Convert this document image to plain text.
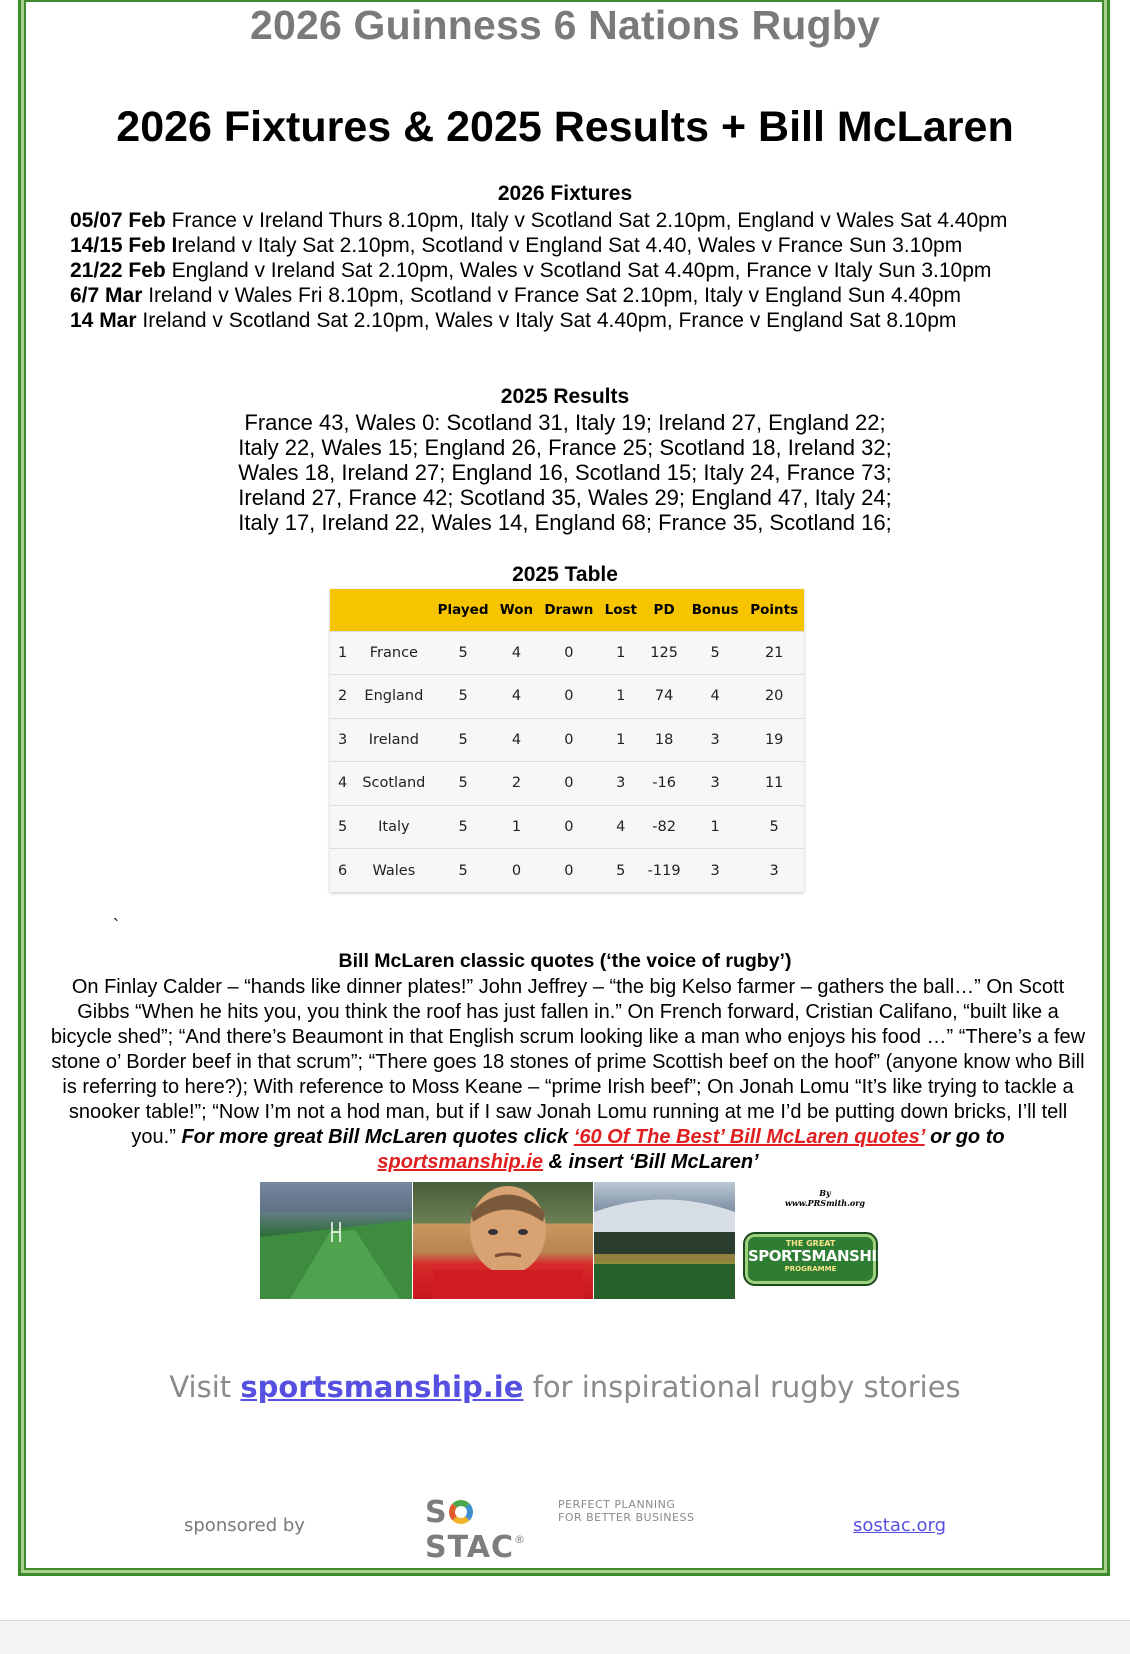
2026 Guinness 6 Nations Rugby
2026 Fixtures & 2025 Results + Bill McLaren
2026 Fixtures
05/07 Feb France v Ireland Thurs 8.10pm, Italy v Scotland Sat 2.10pm, England v Wales Sat 4.40pm
14/15 Feb Ireland v Italy Sat 2.10pm, Scotland v England Sat 4.40, Wales v France Sun 3.10pm
21/22 Feb England v Ireland Sat 2.10pm, Wales v Scotland Sat 4.40pm, France v Italy Sun 3.10pm
6/7 Mar Ireland v Wales Fri 8.10pm, Scotland v France Sat 2.10pm, Italy v England Sun 4.40pm
14 Mar Ireland v Scotland Sat 2.10pm, Wales v Italy Sat 4.40pm, France v England Sat 8.10pm
2025 Results
France 43, Wales 0: Scotland 31, Italy 19; Ireland 27, England 22;
Italy 22, Wales 15; England 26, France 25; Scotland 18, Ireland 32;
Wales 18, Ireland 27; England 16, Scotland 15; Italy 24, France 73;
Ireland 27, France 42; Scotland 35, Wales 29; England 47, Italy 24;
Italy 17, Ireland 22, Wales 14, England 68; France 35, Scotland 16;
2025 Table
		Played	Won	Drawn	Lost	PD	Bonus	Points
1	France	5	4	0	1	125	5	21
2	England	5	4	0	1	74	4	20
3	Ireland	5	4	0	1	18	3	19
4	Scotland	5	2	0	3	-16	3	11
5	Italy	5	1	0	4	-82	1	5
6	Wales	5	0	0	5	-119	3	3
`
Bill McLaren classic quotes (‘the voice of rugby’)
On Finlay Calder – “hands like dinner plates!” John Jeffrey – “the big Kelso farmer – gathers the ball…” On Scott Gibbs “When he hits you, you think the roof has just fallen in.” On French forward, Cristian Califano, “built like a bicycle shed”; “And there’s Beaumont in that English scrum looking like a man who enjoys his food …” “There’s a few stone o’ Border beef in that scrum”; “There goes 18 stones of prime Scottish beef on the hoof” (anyone know who Bill is referring to here?); With reference to Moss Keane – “prime Irish beef”; On Jonah Lomu “It’s like trying to tackle a snooker table!”; “Now I’m not a hod man, but if I saw Jonah Lomu running at me I’d be putting down bricks, I’ll tell you.” For more great Bill McLaren quotes click ‘60 Of The Best’ Bill McLaren quotes’ or go to sportsmanship.ie & insert ‘Bill McLaren’
By
www.PRSmith.org
THE GREAT
SPORTSMANSHIP
PROGRAMME
Visit sportsmanship.ie for inspirational rugby stories
sponsored by	SSTAC®
PERFECT PLANNING
FOR BETTER BUSINESS	sostac.org
